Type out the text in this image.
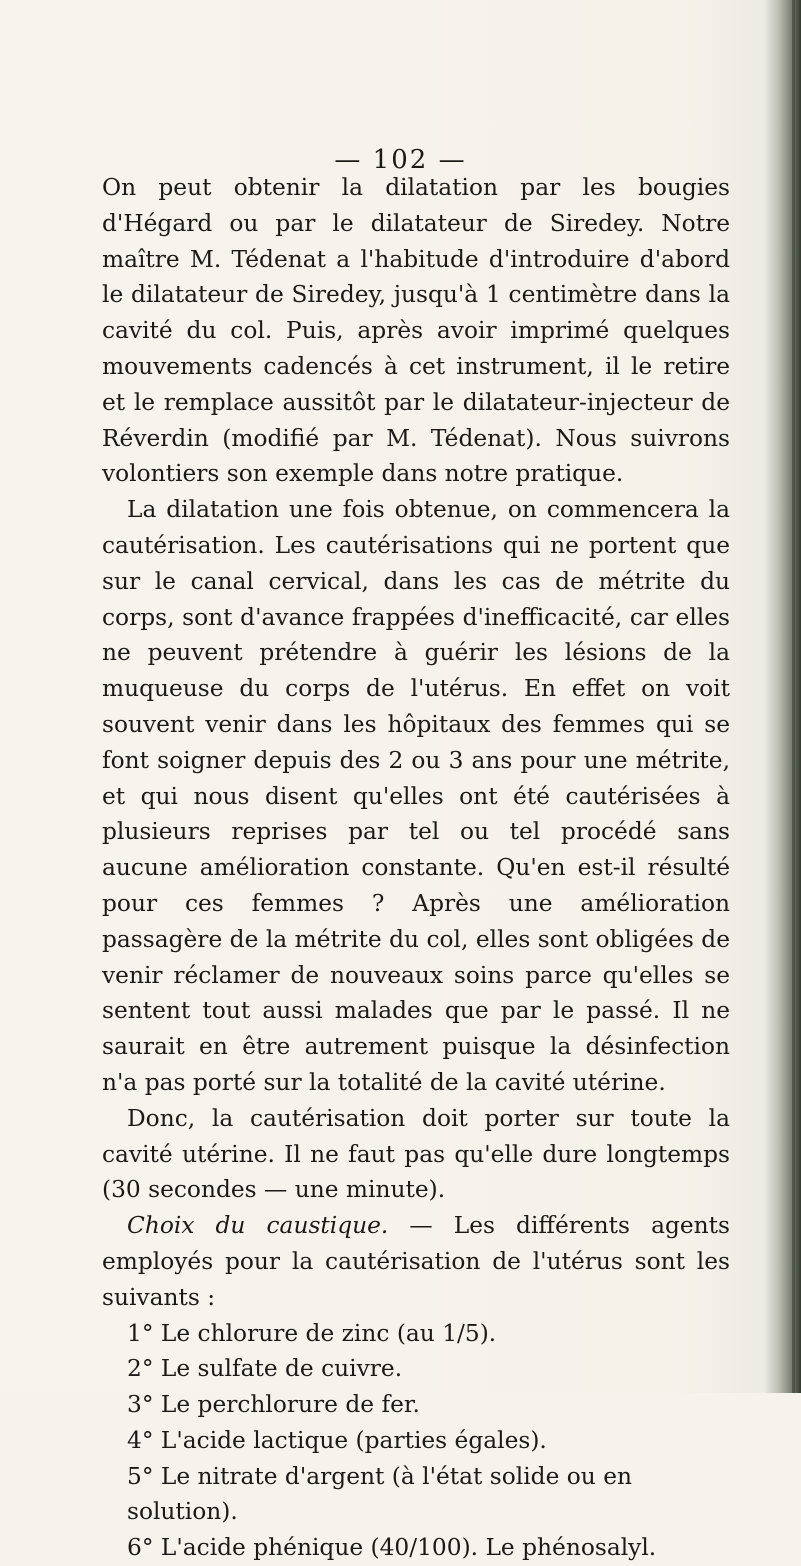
— 102 —

On peut obtenir la dilatation par les bougies d'Hégard ou par le dilatateur de Siredey. Notre maître M. Tédenat a l'habitude d'introduire d'abord le dilatateur de Siredey, jusqu'à 1 centimètre dans la cavité du col. Puis, après avoir imprimé quelques mouvements cadencés à cet instrument, il le retire et le remplace aussitôt par le dilatateur-injecteur de Réverdin (modifié par M. Tédenat). Nous suivrons volontiers son exemple dans notre pratique.

La dilatation une fois obtenue, on commencera la cautérisation. Les cautérisations qui ne portent que sur le canal cervical, dans les cas de métrite du corps, sont d'avance frappées d'inefficacité, car elles ne peuvent prétendre à guérir les lésions de la muqueuse du corps de l'utérus. En effet on voit souvent venir dans les hôpitaux des femmes qui se font soigner depuis des 2 ou 3 ans pour une métrite, et qui nous disent qu'elles ont été cautérisées à plusieurs reprises par tel ou tel procédé sans aucune amélioration constante. Qu'en est-il résulté pour ces femmes ? Après une amélioration passagère de la métrite du col, elles sont obligées de venir réclamer de nouveaux soins parce qu'elles se sentent tout aussi malades que par le passé. Il ne saurait en être autrement puisque la désinfection n'a pas porté sur la totalité de la cavité utérine.

Donc, la cautérisation doit porter sur toute la cavité utérine. Il ne faut pas qu'elle dure longtemps (30 secondes — une minute).

Choix du caustique. — Les différents agents employés pour la cautérisation de l'utérus sont les suivants :

1° Le chlorure de zinc (au 1/5).

2° Le sulfate de cuivre.

3° Le perchlorure de fer.

4° L'acide lactique (parties égales).

5° Le nitrate d'argent (à l'état solide ou en solution).

6° L'acide phénique (40/100). Le phénosalyl.
